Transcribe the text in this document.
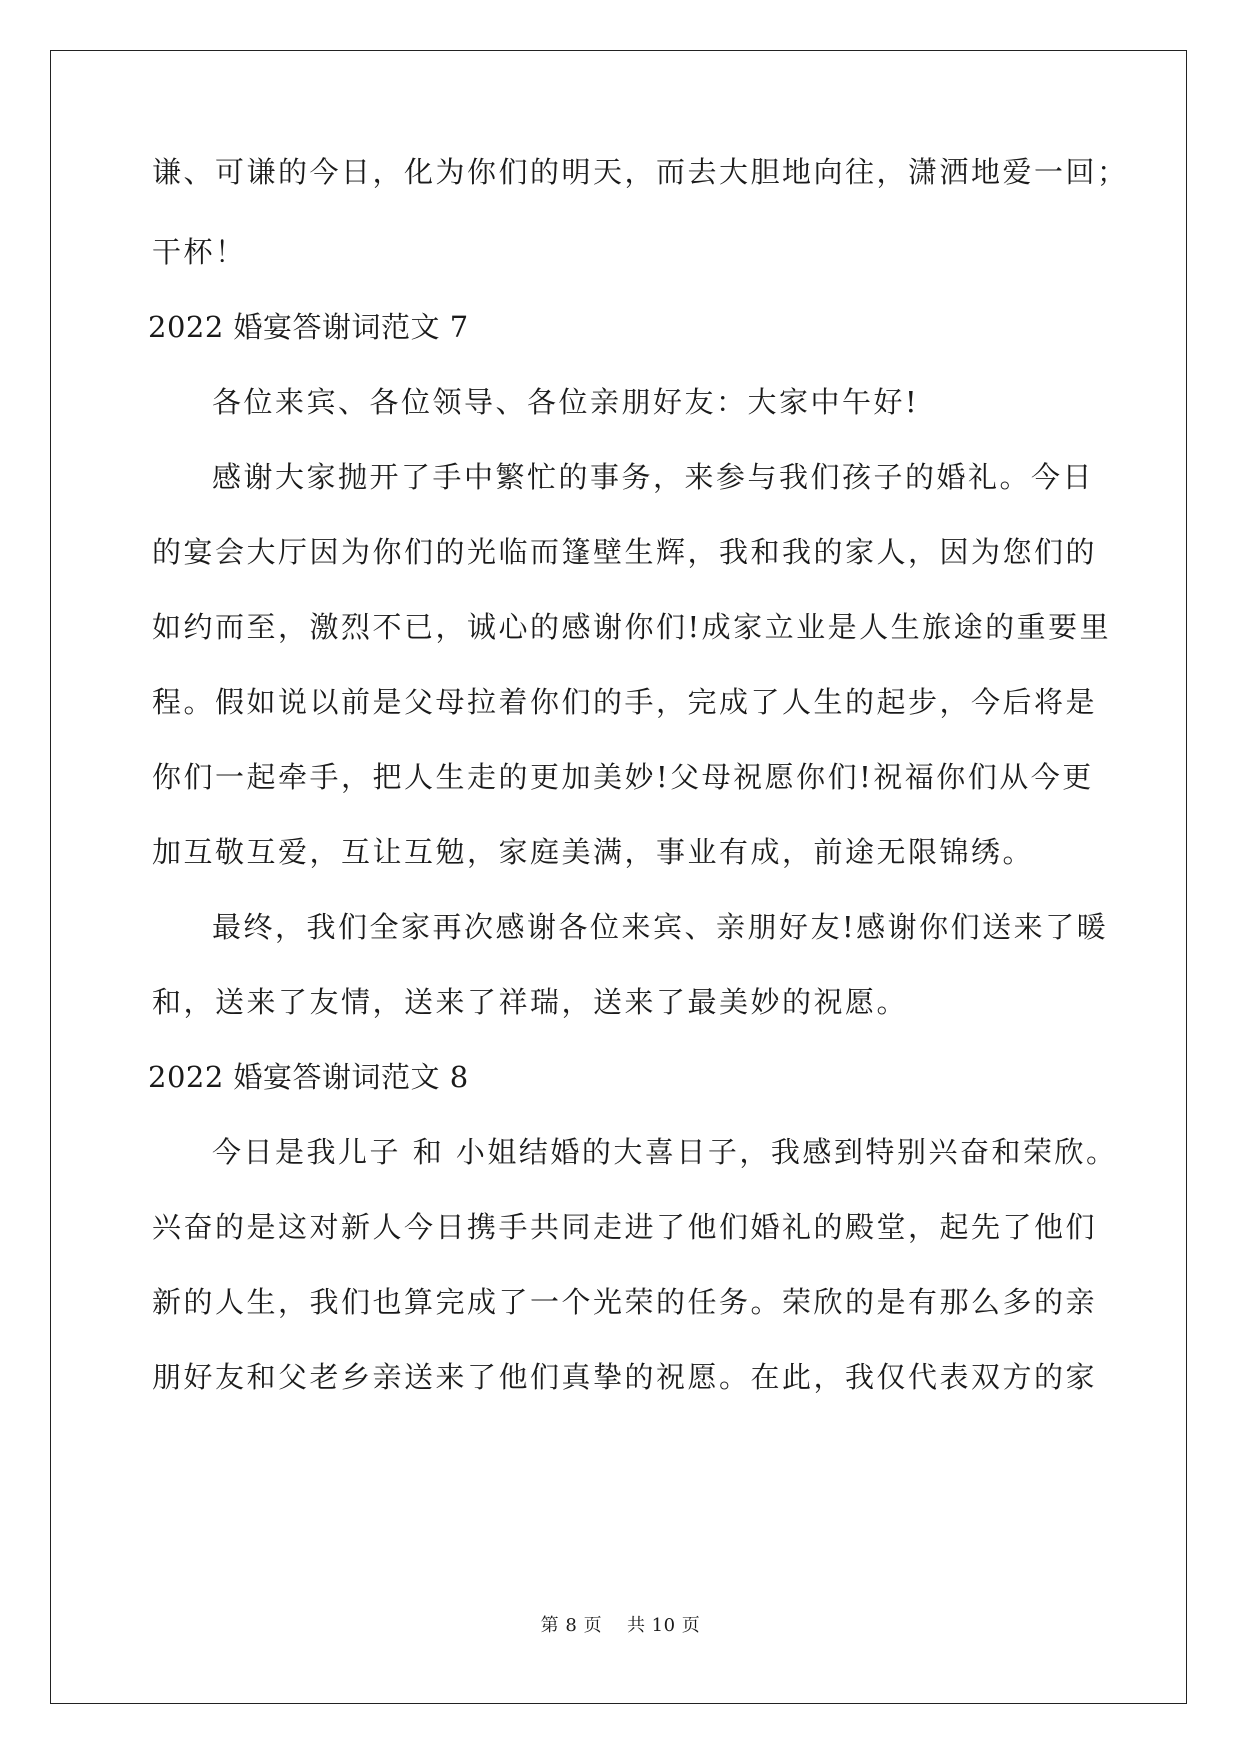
谦、可谦的今日，化为你们的明天，而去大胆地向往，潇洒地爱一回；
干杯！
2022 婚宴答谢词范文 7
各位来宾、各位领导、各位亲朋好友：大家中午好!
感谢大家抛开了手中繁忙的事务，来参与我们孩子的婚礼。今日
的宴会大厅因为你们的光临而篷壁生辉，我和我的家人，因为您们的
如约而至，激烈不已，诚心的感谢你们!成家立业是人生旅途的重要里
程。假如说以前是父母拉着你们的手，完成了人生的起步，今后将是
你们一起牵手，把人生走的更加美妙!父母祝愿你们!祝福你们从今更
加互敬互爱，互让互勉，家庭美满，事业有成，前途无限锦绣。
最终，我们全家再次感谢各位来宾、亲朋好友!感谢你们送来了暖
和，送来了友情，送来了祥瑞，送来了最美妙的祝愿。
2022 婚宴答谢词范文 8
今日是我儿子 和 小姐结婚的大喜日子，我感到特别兴奋和荣欣。
兴奋的是这对新人今日携手共同走进了他们婚礼的殿堂，起先了他们
新的人生，我们也算完成了一个光荣的任务。荣欣的是有那么多的亲
朋好友和父老乡亲送来了他们真挚的祝愿。在此，我仅代表双方的家
第 8 页    共 10 页
